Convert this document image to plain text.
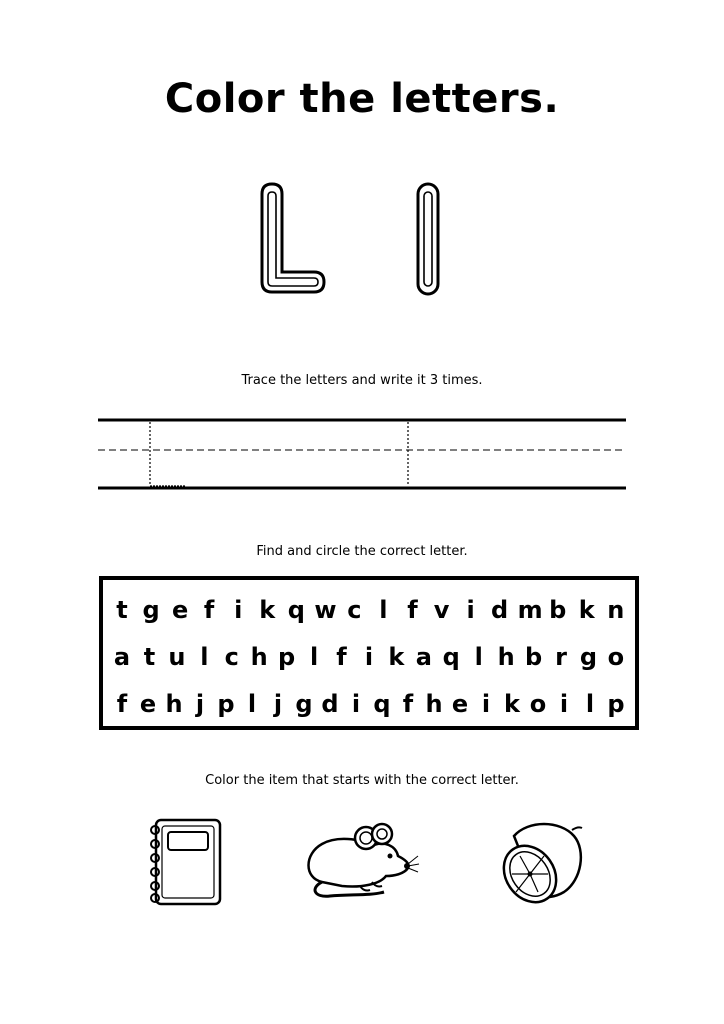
Color the letters.
Trace the letters and write it 3 times.
Find and circle the correct letter.
t g e f i k q w c l f v i d m b k n
a t u l c h p l f i k a q l h b r g o
f e h j p l j g d i q f h e i k o i l p
Color the item that starts with the correct letter.
